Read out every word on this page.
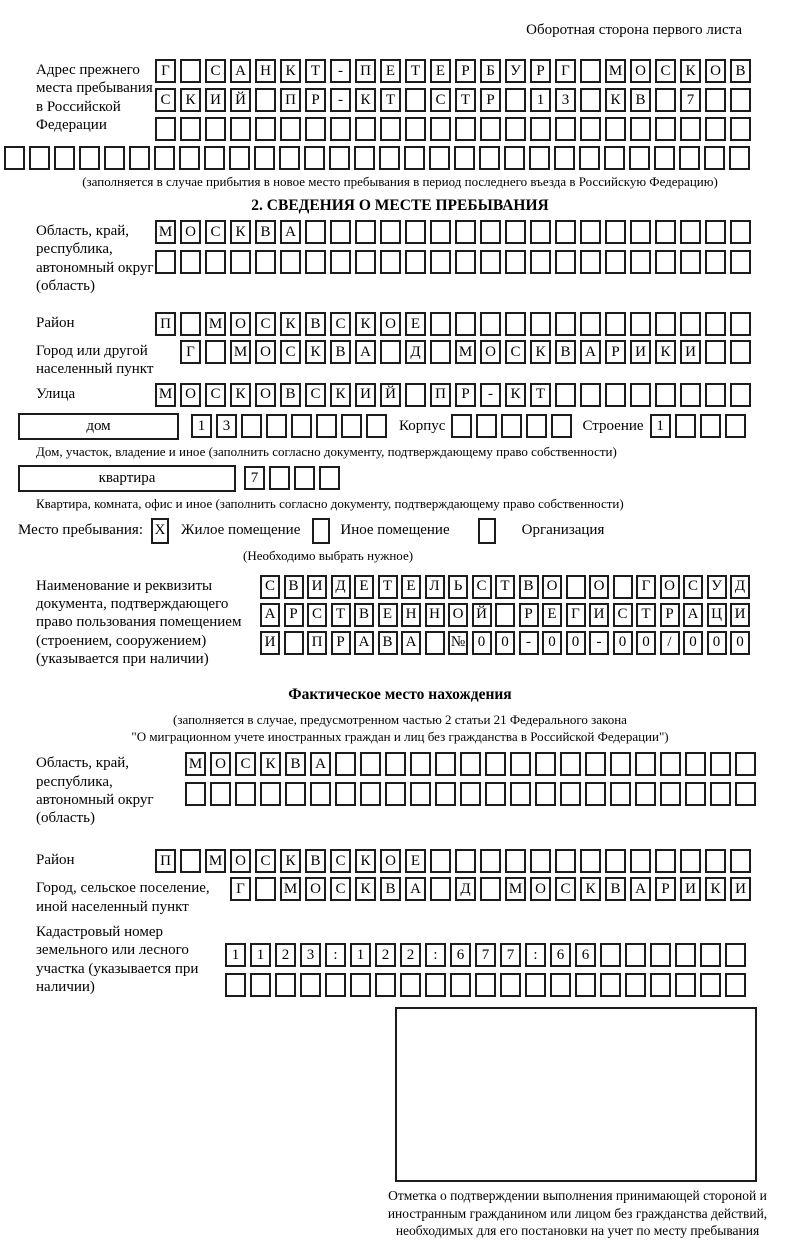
Оборотная сторона первого листа
Адрес прежнего места пребывания в Российской Федерации
Г	С А Н К	Т	-	П Е	Т	Е	Р	Б	У	Р	Г	М О С К О В
С К И Й	П	Р	-	К	Т	С	Т	Р	1	3	К В	7
(заполняется в случае прибытия в новое место пребывания в период последнего въезда в Российскую Федерацию)
2. СВЕДЕНИЯ О МЕСТЕ ПРЕБЫВАНИЯ
Область, край, республика, автономный округ (область)
М О С К В А
Район	П	М О С К В С К О Е
Город или другой населенный пункт
Г	М О С К В А	Д	М О С К В А	Р	И К И
Улица	М О С К О В С К И Й	П	Р	-	К	Т
дом	1	3	Корпус	Строение 1
Дом, участок, владение и иное (заполнить согласно документу, подтверждающему право собственности)
квартира	7
Квартира, комната, офис и иное (заполнить согласно документу, подтверждающему право собственности)
Место пребывания: X Жилое помещение	Иное помещение	Организация
(Необходимо выбрать нужное)
Наименование и реквизиты документа, подтверждающего право пользования помещением (строением, сооружением) (указывается при наличии)
С В И Д Е Т Е Л Ь С Т В О	О	Г О С У Д
А Р С Т В Е Н Н О Й	Р Е Г И С Т Р А Ц И
И	П Р А В А	№ 0	0	-	0	0	-	0	0	/	0	0	0
Фактическое место нахождения
(заполняется в случае, предусмотренном частью 2 статьи 21 Федерального закона
"О миграционном учете иностранных граждан и лиц без гражданства в Российской Федерации")
Область, край, республика, автономный округ (область)
М О С К В А
Район	П	М О С К В С К О Е
Город, сельское поселение, иной населенный пункт
Г	М О С К В А	Д	М О С К В А	Р	И К И
Кадастровый номер земельного или лесного участка (указывается при наличии)
1	1	2	3	:	1	2	2	:	6	7	7	:	6	6
Отметка о подтверждении выполнения принимающей стороной и иностранным гражданином или лицом без гражданства действий, необходимых для его постановки на учет по месту пребывания
